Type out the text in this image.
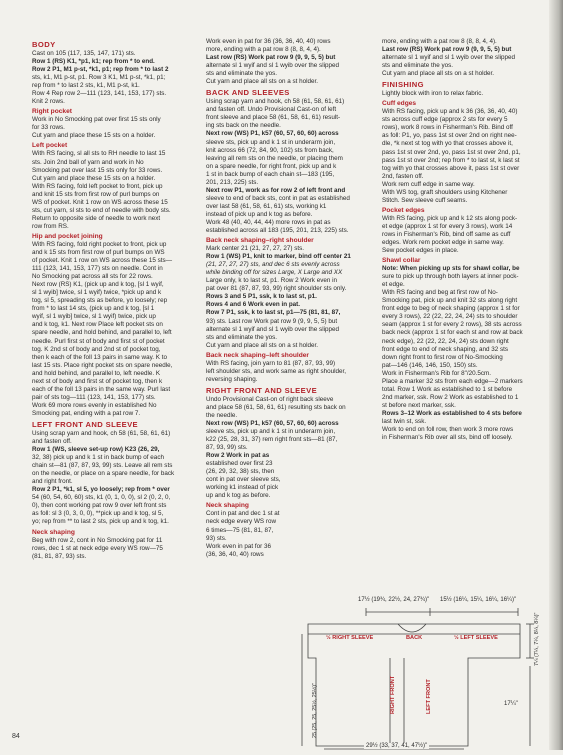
BODY

Cast on 105 (117, 135, 147, 171) sts.

Row 1 (RS) K1, *p1, k1; rep from * to end.

Row 2 P1, M1 p-st, *k1, p1; rep from * to last 2

sts, k1, M1 p-st, p1. Row 3 K1, M1 p-st, *k1, p1;

rep from * to last 2 sts, k1, M1 p-st, k1.

Row 4 Rep row 2—111 (123, 141, 153, 177) sts.

Knit 2 rows.

Right pocket

Work in No Smocking pat over first 15 sts only

for 33 rows.

Cut yarn and place these 15 sts on a holder.

Left pocket

With RS facing, sl all sts to RH needle to last 15

sts. Join 2nd ball of yarn and work in No

Smocking pat over last 15 sts only for 33 rows.

Cut yarn and place these 15 sts on a holder.

With RS facing, fold left pocket to front, pick up

and knit 15 sts from first row of purl bumps on

WS of pocket. Knit 1 row on WS across these 15

sts, cut yarn, sl sts to end of needle with body sts.

Return to opposite side of needle to work next

row from RS.

Hip and pocket joining

With RS facing, fold right pocket to front, pick up

and k 15 sts from first row of purl bumps on WS

of pocket. Knit 1 row on WS across these 15 sts—

111 (123, 141, 153, 177) sts on needle. Cont in

No Smocking pat across all sts for 22 rows.

Next row (RS) K1, (pick up and k tog, [sl 1 wyif,

sl 1 wyib] twice, sl 1 wyif) twice, *pick up and k

tog, sl 5, spreading sts as before, yo loosely; rep

from * to last 14 sts, (pick up and k tog, [sl 1

wyif, sl 1 wyib] twice, sl 1 wyif) twice, pick up

and k tog, k1. Next row Place left pocket sts on

spare needle, and hold behind, and parallel to, left

needle. Purl first st of body and first st of pocket

tog. K 2nd st of body and 2nd st of pocket tog,

then k each of the foll 13 pairs in same way. K to

last 15 sts. Place right pocket sts on spare needle,

and hold behind, and parallel to, left needle. K

next st of body and first st of pocket tog, then k

each of the foll 13 pairs in the same way. Purl last

pair of sts tog—111 (123, 141, 153, 177) sts.

Work 69 more rows evenly in established No

Smocking pat, ending with a pat row 7.

LEFT FRONT AND SLEEVE

Using scrap yarn and hook, ch 58 (61, 58, 61, 61)

and fasten off.

Row 1 (WS, sleeve set-up row) K23 (26, 29,

32, 38) pick up and k 1 st in back bump of each

chain st—81 (87, 87, 93, 99) sts. Leave all rem sts

on the needle, or place on a spare needle, for back

and right front.

Row 2 P1, *k1, sl 5, yo loosely; rep from * over

54 (60, 54, 60, 60) sts, k1 (0, 1, 0, 0), sl 2 (0, 2, 0,

0), then cont working pat row 9 over left front sts

as foll: sl 3 (0, 3, 0, 0), **pick up and k tog, sl 5,

yo; rep from ** to last 2 sts, pick up and k tog, k1.

Neck shaping

Beg with row 2, cont in No Smocking pat for 11

rows, dec 1 st at neck edge every WS row—75

(81, 81, 87, 93) sts.

Work even in pat for 36 (36, 36, 40, 40) rows

more, ending with a pat row 8 (8, 8, 4, 4).

Last row (RS) Work pat row 9 (9, 9, 5, 5) but

alternate sl 1 wyif and sl 1 wyib over the slipped

sts and eliminate the yos.

Cut yarn and place all sts on a st holder.

BACK AND SLEEVES

Using scrap yarn and hook, ch 58 (61, 58, 61, 61)

and fasten off. Undo Provisional Cast-on of left

front sleeve and place 58 (61, 58, 61, 61) result-

ing sts back on the needle.

Next row (WS) P1, k57 (60, 57, 60, 60) across

sleeve sts, pick up and k 1 st in underarm join,

knit across 66 (72, 84, 90, 102) sts from back,

leaving all rem sts on the needle, or placing them

on a spare needle, for right front, pick up and k

1 st in back bump of each chain st—183 (195,

201, 213, 225) sts.

Next row P1, work as for row 2 of left front and

sleeve to end of back sts, cont in pat as established

over last 58 (61, 58, 61, 61) sts, working k1

instead of pick up and k tog as before.

Work 48 (40, 40, 44, 44) more rows in pat as

established across all 183 (195, 201, 213, 225) sts.

Back neck shaping–right shoulder

Mark center 21 (21, 27, 27, 27) sts.

Row 1 (WS) P1, knit to marker, bind off center 21

(21, 27, 27, 27) sts, and dec 6 sts evenly across

while binding off for sizes Large, X Large and XX

Large only, k to last st, p1. Row 2 Work even in

pat over 81 (87, 87, 93, 99) right shoulder sts only.

Rows 3 and 5 P1, ssk, k to last st, p1.

Rows 4 and 6 Work even in pat.

Row 7 P1, ssk, k to last st, p1—75 (81, 81, 87,

93) sts. Last row Work pat row 9 (9, 9, 5, 5) but

alternate sl 1 wyif and sl 1 wyib over the slipped

sts and eliminate the yos.

Cut yarn and place all sts on a st holder.

Back neck shaping–left shoulder

With RS facing, join yarn to 81 (87, 87, 93, 99)

left shoulder sts, and work same as right shoulder,

reversing shaping.

RIGHT FRONT AND SLEEVE

Undo Provisional Cast-on of right back sleeve

and place 58 (61, 58, 61, 61) resulting sts back on

the needle.

Next row (WS) P1, k57 (60, 57, 60, 60) across

sleeve sts, pick up and k 1 st in underarm join,

k22 (25, 28, 31, 37) rem right front sts—81 (87,

87, 93, 99) sts.

Row 2 Work in pat as

established over first 23

(26, 29, 32, 38) sts, then

cont in pat over sleeve sts,

working k1 instead of pick

up and k tog as before.

Neck shaping

Cont in pat and dec 1 st at

neck edge every WS row

6 times—75 (81, 81, 87,

93) sts.

Work even in pat for 36

(36, 36, 40, 40) rows

more, ending with a pat row 8 (8, 8, 4, 4).

Last row (RS) Work pat row 9 (9, 9, 5, 5) but

alternate sl 1 wyif and sl 1 wyib over the slipped

sts and eliminate the yos.

Cut yarn and place all sts on a st holder.

FINISHING

Lightly block with iron to relax fabric.

Cuff edges

With RS facing, pick up and k 36 (36, 36, 40, 40)

sts across cuff edge (approx 2 sts for every 5

rows), work 8 rows in Fisherman's Rib. Bind off

as foll: P1, yo, pass 1st st over 2nd on right nee-

dle, *k next st tog with yo that crosses above it,

pass 1st st over 2nd, yo, pass 1st st over 2nd, p1,

pass 1st st over 2nd; rep from * to last st, k last st

tog with yo that crosses above it, pass 1st st over

2nd, fasten off.

Work rem cuff edge in same way.

With WS tog, graft shoulders using Kitchener

Stitch. Sew sleeve cuff seams.

Pocket edges

With RS facing, pick up and k 12 sts along pock-

et edge (approx 1 st for every 3 rows), work 14

rows in Fisherman's Rib, bind off same as cuff

edges. Work rem pocket edge in same way.

Sew pocket edges in place.

Shawl collar

Note: When picking up sts for shawl collar, be

sure to pick up through both layers at inner pock-

et edge.

With RS facing and beg at first row of No-

Smocking pat, pick up and knit 32 sts along right

front edge to beg of neck shaping (approx 1 st for

every 3 rows), 22 (22, 22, 24, 24) sts to shoulder

seam (approx 1 st for every 2 rows), 38 sts across

back neck (approx 1 st for each st and row at back

neck edge), 22 (22, 22, 24, 24) sts down right

front edge to end of neck shaping, and 32 sts

down right front to first row of No-Smocking

pat—146 (146, 146, 150, 150) sts.

Work in Fisherman's Rib for 8"/20.5cm.

Place a marker 32 sts from each edge—2 markers

total. Row 1 Work as established to 1 st before

2nd marker, ssk. Row 2 Work as established to 1

st before next marker, ssk.

Rows 3–12 Work as established to 4 sts before

last twin st, ssk.

Work to end on foll row, then work 3 more rows

in Fisherman's Rib over all sts, bind off loosely.

17½ (19¾, 22½, 24, 27¾)" 15½ (16¼, 15¼, 16¼, 16¼)"
½ RIGHT SLEEVE	BACK	½ LEFT SLEEVE
RIGHT FRONT	LEFT FRONT
7¼ (7¼, 7¼, 8¼, 8¼)"
17¼"
25 (25, 25, 25½, 25½)"
29½ (33, 37, 41, 47½)"
84
